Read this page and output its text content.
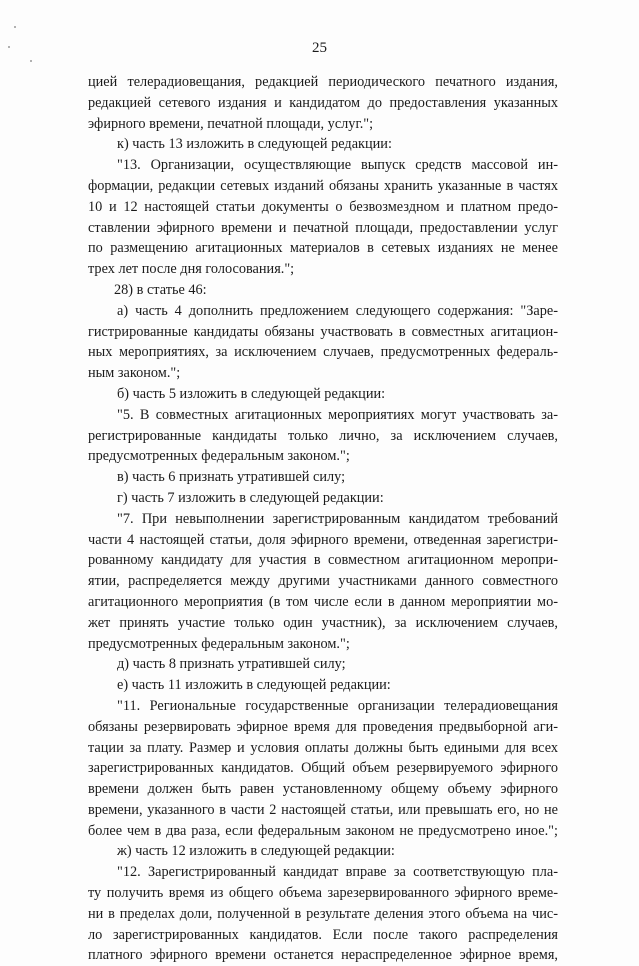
25
цией телерадиовещания, редакцией периодического печатного издания,
редакцией сетевого издания и кандидатом до предоставления указанных
эфирного времени, печатной площади, услуг.";
к) часть 13 изложить в следующей редакции:
"13. Организации, осуществляющие выпуск средств массовой ин-
формации, редакции сетевых изданий обязаны хранить указанные в частях
10 и 12 настоящей статьи документы о безвозмездном и платном предо-
ставлении эфирного времени и печатной площади, предоставлении услуг
по размещению агитационных материалов в сетевых изданиях не менее
трех лет после дня голосования.";
28) в статье 46:
а) часть 4 дополнить предложением следующего содержания: "Заре-
гистрированные кандидаты обязаны участвовать в совместных агитацион-
ных мероприятиях, за исключением случаев, предусмотренных федераль-
ным законом.";
б) часть 5 изложить в следующей редакции:
"5. В совместных агитационных мероприятиях могут участвовать за-
регистрированные кандидаты только лично, за исключением случаев,
предусмотренных федеральным законом.";
в) часть 6 признать утратившей силу;
г) часть 7 изложить в следующей редакции:
"7. При невыполнении зарегистрированным кандидатом требований
части 4 настоящей статьи, доля эфирного времени, отведенная зарегистри-
рованному кандидату для участия в совместном агитационном меропри-
ятии, распределяется между другими участниками данного совместного
агитационного мероприятия (в том числе если в данном мероприятии мо-
жет принять участие только один участник), за исключением случаев,
предусмотренных федеральным законом.";
д) часть 8 признать утратившей силу;
е) часть 11 изложить в следующей редакции:
"11. Региональные государственные организации телерадиовещания
обязаны резервировать эфирное время для проведения предвыборной аги-
тации за плату. Размер и условия оплаты должны быть едиными для всех
зарегистрированных кандидатов. Общий объем резервируемого эфирного
времени должен быть равен установленному общему объему эфирного
времени, указанного в части 2 настоящей статьи, или превышать его, но не
более чем в два раза, если федеральным законом не предусмотрено иное.";
ж) часть 12 изложить в следующей редакции:
"12. Зарегистрированный кандидат вправе за соответствующую пла-
ту получить время из общего объема зарезервированного эфирного време-
ни в пределах доли, полученной в результате деления этого объема на чис-
ло зарегистрированных кандидатов. Если после такого распределения
платного эфирного времени останется нераспределенное эфирное время,
